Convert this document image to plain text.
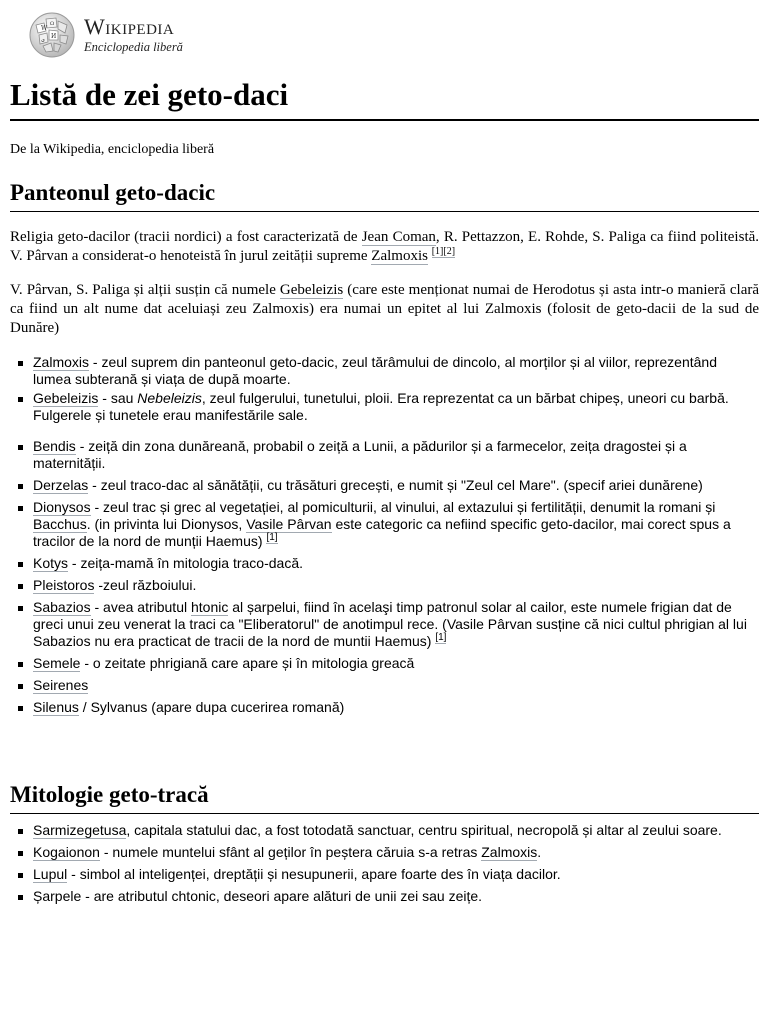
W
Ω
И
ي
Wikipedia
Enciclopedia liberă
Listă de zei geto-daci
De la Wikipedia, enciclopedia liberă
Panteonul geto-dacic

Religia geto-dacilor (tracii nordici) a fost caracterizată de Jean Coman, R. Pettazzon, E. Rohde, S. Paliga ca fiind politeistă. V. Pârvan a considerat-o henoteistă în jurul zeității supreme Zalmoxis [1][2]

V. Pârvan, S. Paliga și alții susțin că numele Gebeleizis (care este menționat numai de Herodotus și asta intr-o manieră clară ca fiind un alt nume dat aceluiași zeu Zalmoxis) era numai un epitet al lui Zalmoxis (folosit de geto-dacii de la sud de Dunăre)

Zalmoxis - zeul suprem din panteonul geto-dacic, zeul tărâmului de dincolo, al morților și al viilor, reprezentând lumea subterană și viața de după moarte.
Gebeleizis - sau Nebeleizis, zeul fulgerului, tunetului, ploii. Era reprezentat ca un bărbat chipeș, uneori cu barbă. Fulgerele și tunetele erau manifestările sale.
Bendis - zeiță din zona dunăreană, probabil o zeiță a Lunii, a pădurilor și a farmecelor, zeița dragostei și a maternității.
Derzelas - zeul traco-dac al sănătății, cu trăsături grecești, e numit și "Zeul cel Mare". (specif ariei dunărene)
Dionysos - zeul trac și grec al vegetației, al pomiculturii, al vinului, al extazului și fertilității, denumit la romani și Bacchus. (in privinta lui Dionysos, Vasile Pârvan este categoric ca nefiind specific geto-dacilor, mai corect spus a tracilor de la nord de munții Haemus) [1]
Kotys - zeița-mamă în mitologia traco-dacă.
Pleistoros -zeul războiului.
Sabazios - avea atributul htonic al șarpelui, fiind în acelaşi timp patronul solar al cailor, este numele frigian dat de greci unui zeu venerat la traci ca "Eliberatorul" de anotimpul rece. (Vasile Pârvan susține că nici cultul phrigian al lui Sabazios nu era practicat de tracii de la nord de muntii Haemus) [1]
Semele - o zeitate phrigiană care apare și în mitologia greacă
Seirenes
Silenus / Sylvanus (apare dupa cucerirea romană)
Mitologie geto-tracă
Sarmizegetusa, capitala statului dac, a fost totodată sanctuar, centru spiritual, necropolă și altar al zeului soare.
Kogaionon - numele muntelui sfânt al geților în peștera căruia s-a retras Zalmoxis.
Lupul - simbol al inteligenței, dreptății și nesupunerii, apare foarte des în viața dacilor.
Șarpele - are atributul chtonic, deseori apare alături de unii zei sau zeițe.
